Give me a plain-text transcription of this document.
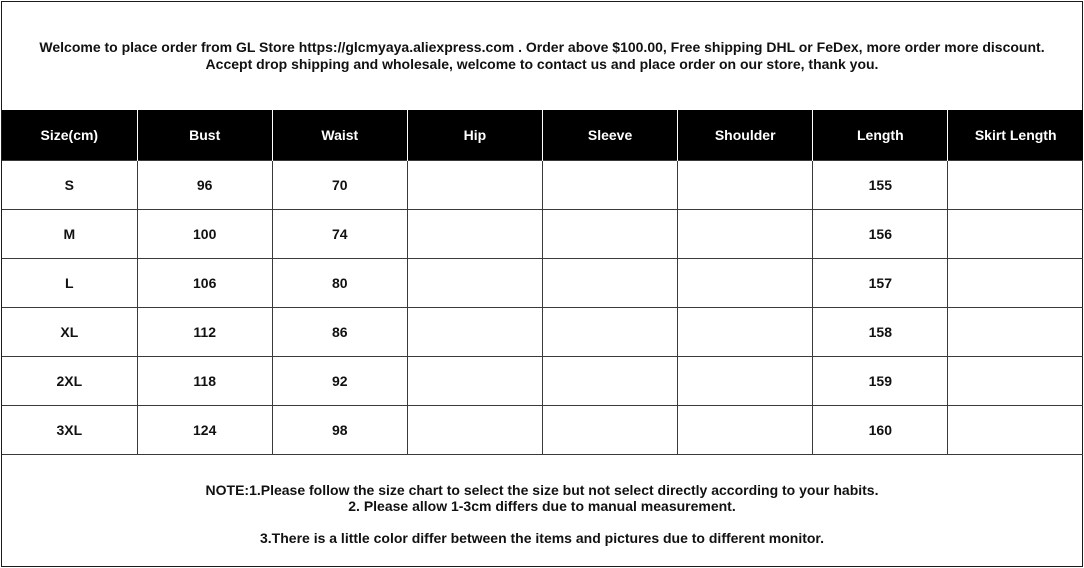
Welcome to place order from GL Store https://glcmyaya.aliexpress.com . Order above $100.00, Free shipping DHL or FeDex, more order more discount.
Accept drop shipping and wholesale, welcome to contact us and place order on our store, thank you.
Size(cm)	Bust	Waist	Hip	Sleeve	Shoulder	Length	Skirt Length
S	96	70				155	
M	100	74				156	
L	106	80				157	
XL	112	86				158	
2XL	118	92				159	
3XL	124	98				160	
NOTE:1.Please follow the size chart to select the size but not select directly according to your habits.
2. Please allow 1-3cm differs due to manual measurement.
3.There is a little color differ between the items and pictures due to different monitor.
